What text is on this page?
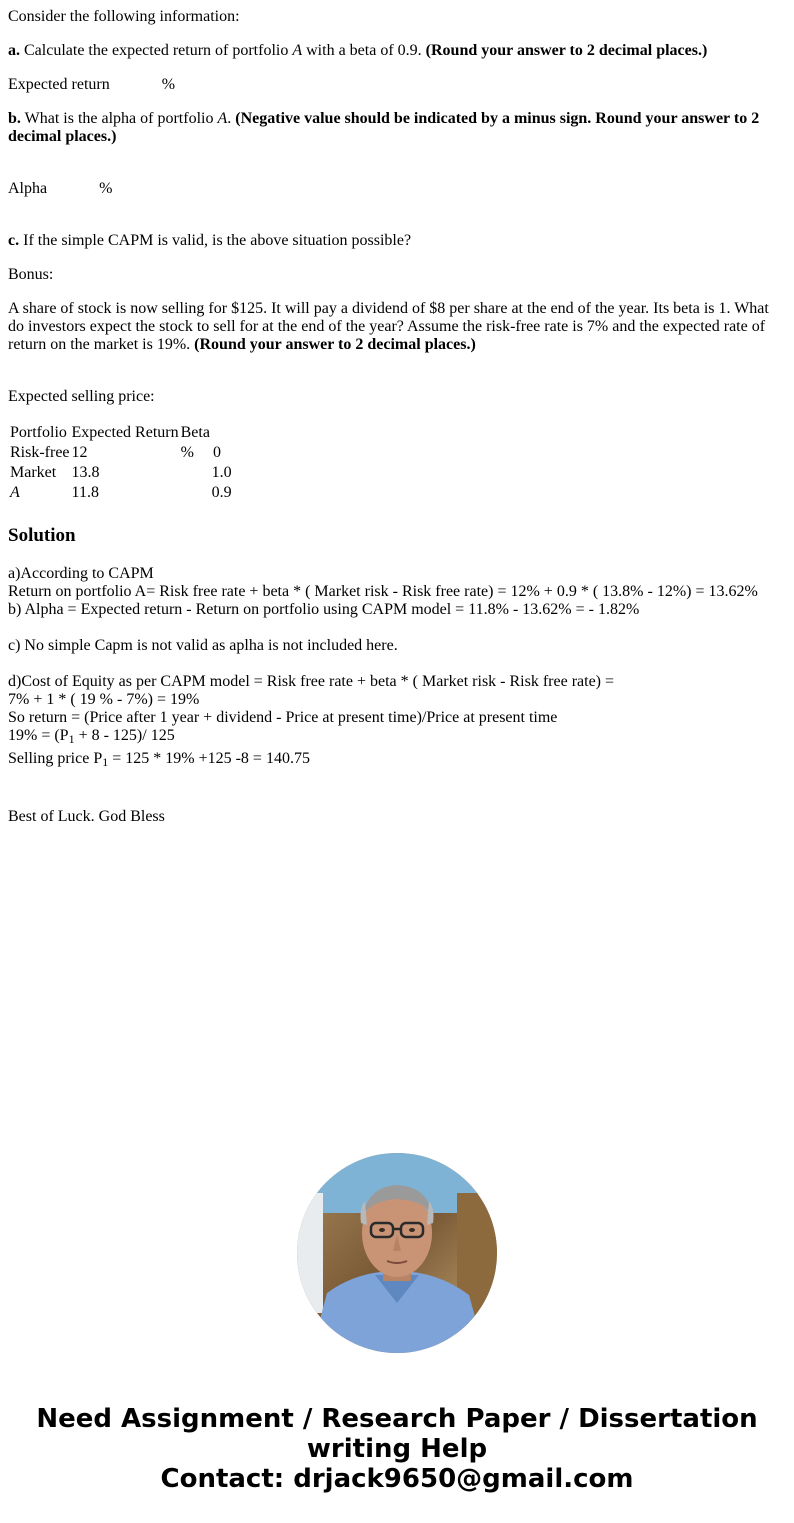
Consider the following information:
a. Calculate the expected return of portfolio A with a beta of 0.9. (Round your answer to 2 decimal places.)
Expected return	%
b. What is the alpha of portfolio A. (Negative value should be indicated by a minus sign. Round your answer to 2
decimal places.)
Alpha	%
c. If the simple CAPM is valid, is the above situation possible?
Bonus:
A share of stock is now selling for $125. It will pay a dividend of $8 per share at the end of the year. Its beta is 1. What
do investors expect the stock to sell for at the end of the year? Assume the risk-free rate is 7% and the expected rate of
return on the market is 19%. (Round your answer to 2 decimal places.)
Expected selling price:
Portfolio	Expected Return	Beta
Risk-free	12	% 0
Market	13.8	1.0
A	11.8	0.9
Solution
a)According to CAPM
Return on portfolio A= Risk free rate + beta * ( Market risk - Risk free rate) = 12% + 0.9 * ( 13.8% - 12%) = 13.62%
b) Alpha = Expected return - Return on portfolio using CAPM model = 11.8% - 13.62% = - 1.82%
c) No simple Capm is not valid as aplha is not included here.
d)Cost of Equity as per CAPM model = Risk free rate + beta * ( Market risk - Risk free rate) =
7% + 1 * ( 19 % - 7%) = 19%
So return = (Price after 1 year + dividend - Price at present time)/Price at present time
$19\% = (P_1 + 8 - 125)/$ 125
Selling price $P_1 = 125 * 19\% +125$ -8 = 140.75
Best of Luck. God Bless
Need Assignment / Research Paper / Dissertation
writing Help
Contact: drjack9650@gmail.com
